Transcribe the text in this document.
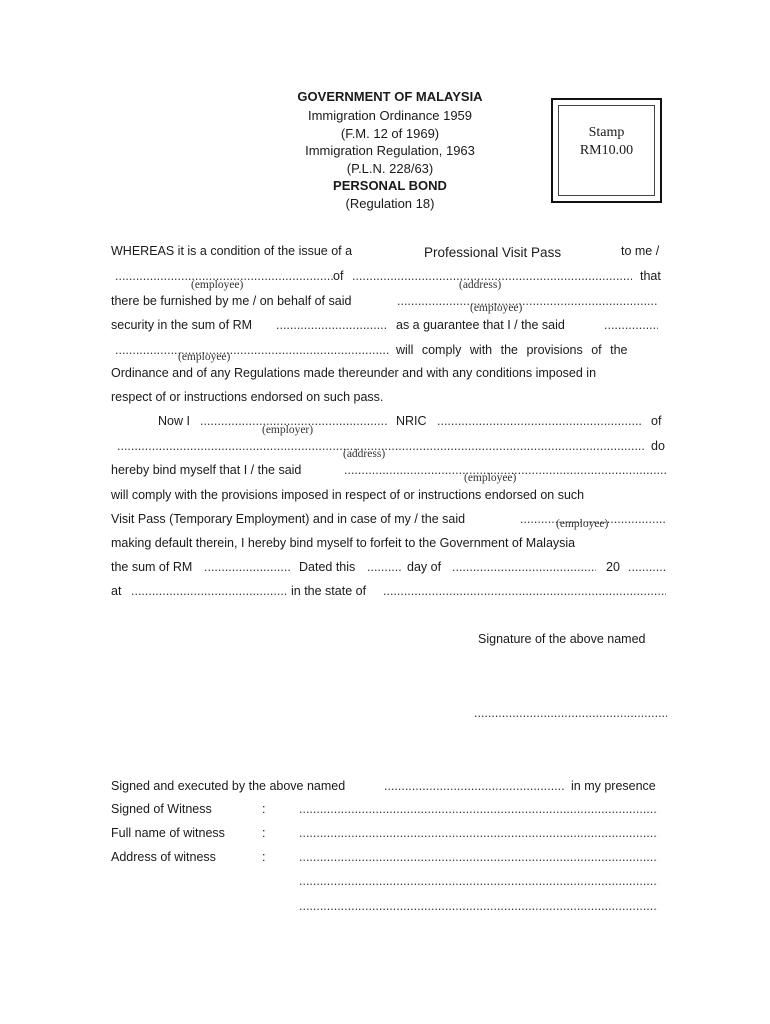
GOVERNMENT OF MALAYSIA
Immigration Ordinance 1959
(F.M. 12 of 1969)
Immigration Regulation, 1963
(P.L.N. 228/63)
PERSONAL BOND
(Regulation 18)
Stamp
RM10.00
WHEREAS it is a condition of the issue of a	Professional Visit Pass	to me /
.....
of .....	that
(employee)	(address)
there be furnished by me / on behalf of said .....	(employee)
security in the sum of RM .....	as a guarantee that I / the said
.....
.....
will comply with the provisions of the
(employee)
Ordinance and of any Regulations made thereunder and with any conditions imposed in
respect of or instructions endorsed on such pass.
Now I .....	NRIC .....	of
(employer)
.....
do
(address)
hereby bind myself that I / the said
.....
(employee)
will comply with the provisions imposed in respect of or instructions endorsed on such
Visit Pass (Temporary Employment) and in case of my / the said .....	(employee)
making default therein, I hereby bind myself to forfeit to the Government of Malaysia
the sum of RM .....	Dated this .....	day of .....	20
.....
at .....	in the state of
.....
Signature of the above named
.....
Signed and executed by the above named .....	in my presence
Signed of Witness	:
.....
Full name of witness	:
.....
Address of witness	:
.....
.....
.....
